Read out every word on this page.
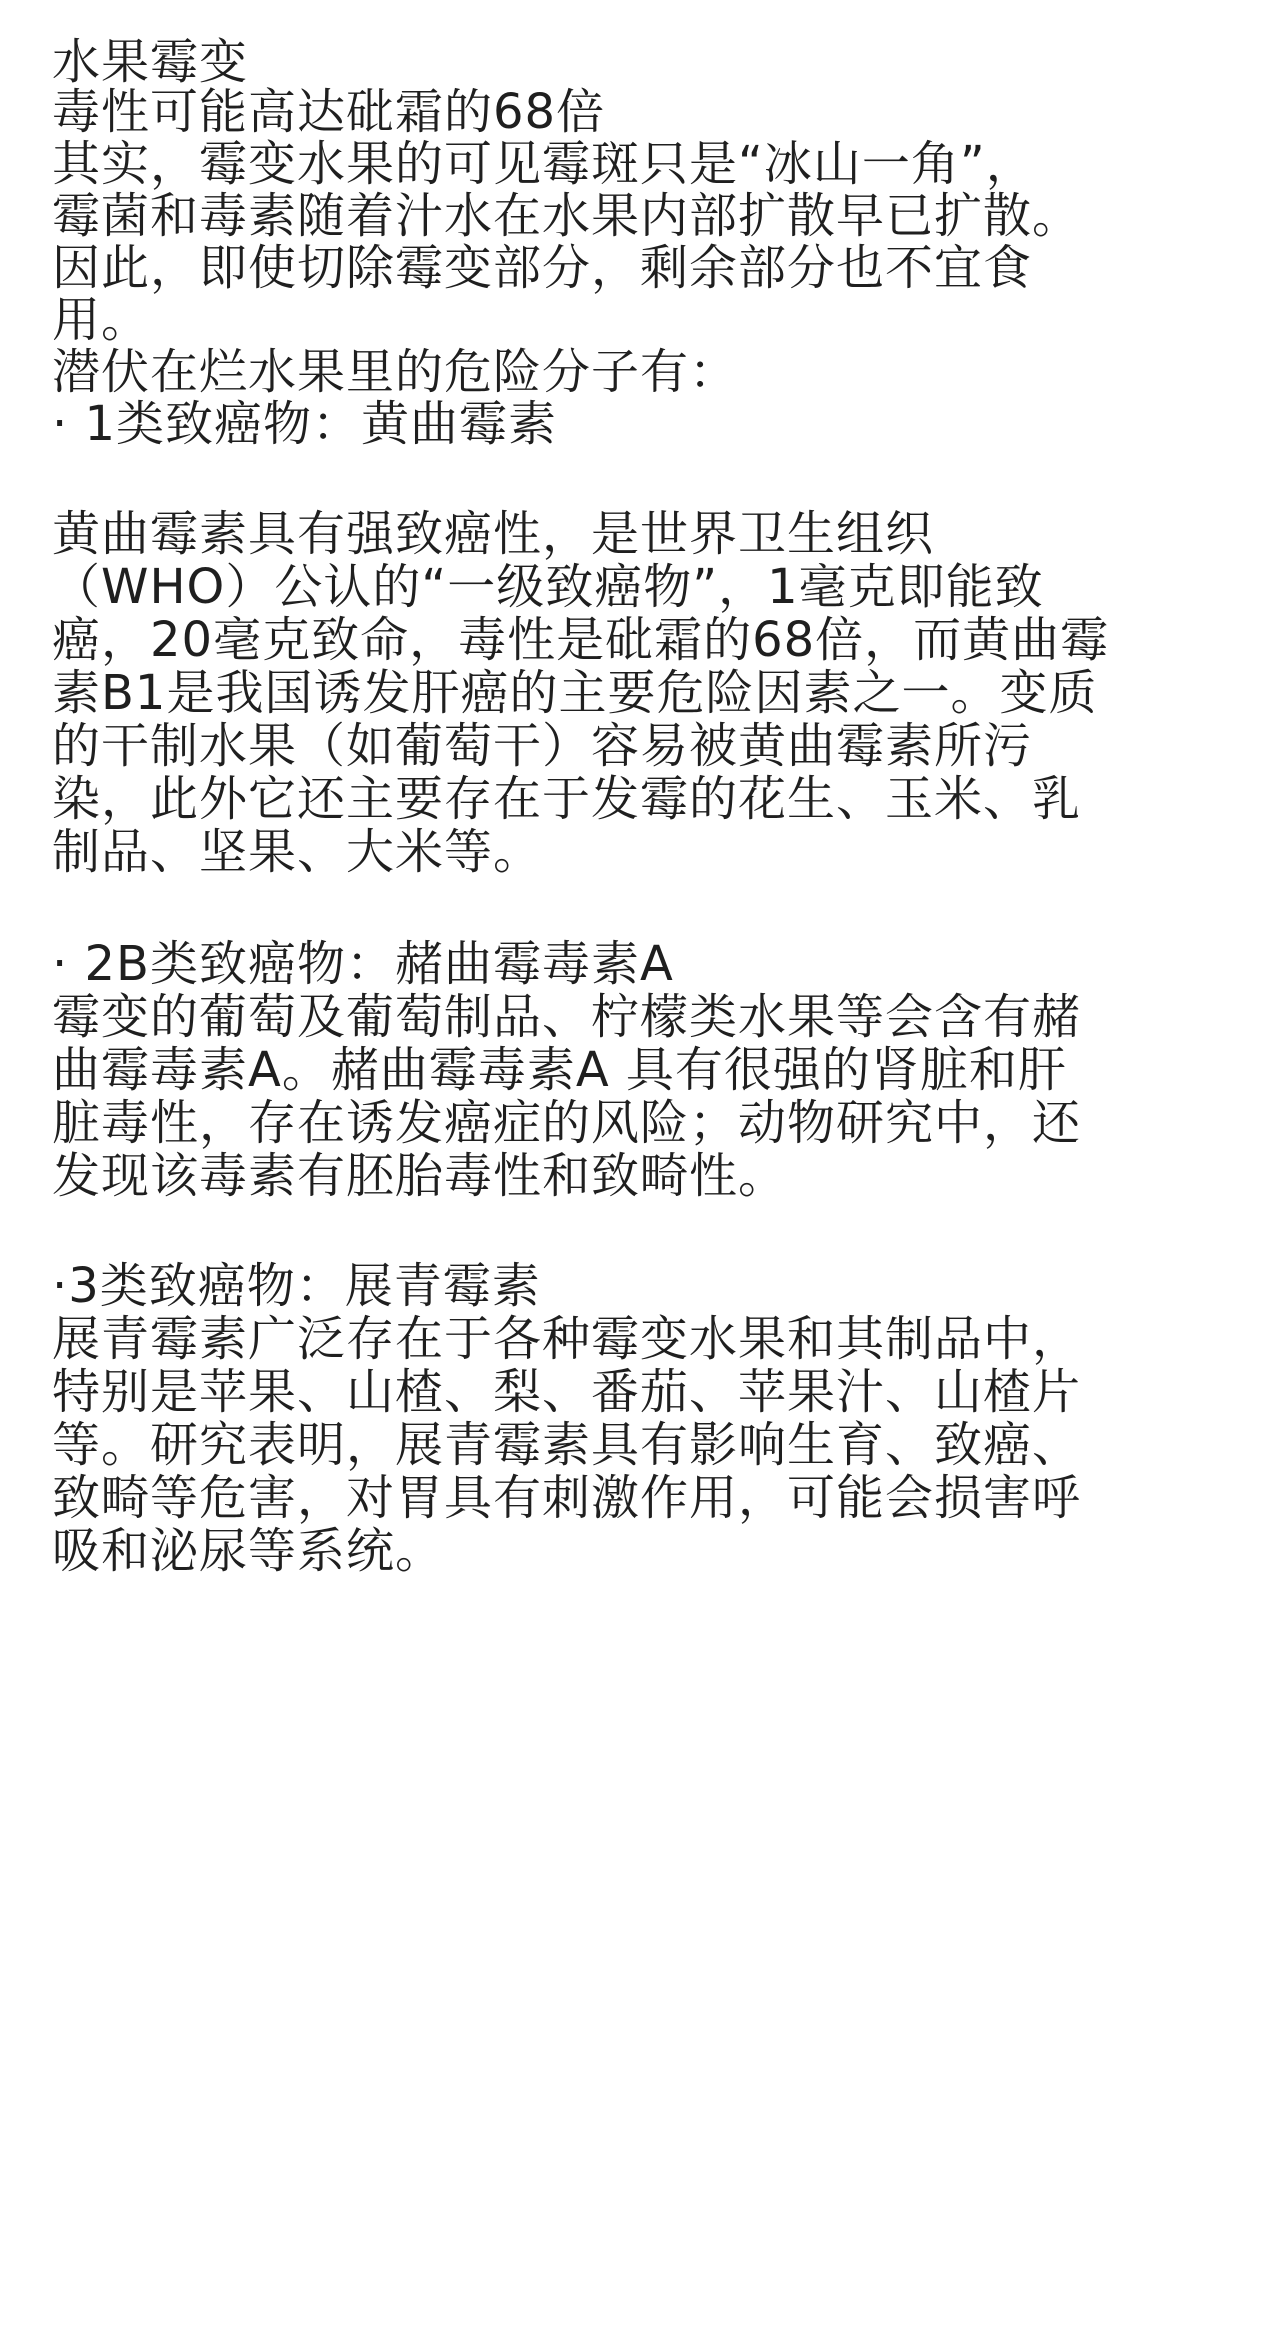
水果霉变
毒性可能高达砒霜的68倍
其实，霉变水果的可见霉斑只是“冰山一角”，
霉菌和毒素随着汁水在水果内部扩散早已扩散。
因此，即使切除霉变部分，剩余部分也不宜食
用。
潜伏在烂水果里的危险分子有：
· 1类致癌物：黄曲霉素
黄曲霉素具有强致癌性，是世界卫生组织
（WHO）公认的“一级致癌物”，1毫克即能致
癌，20毫克致命，毒性是砒霜的68倍，而黄曲霉
素B1是我国诱发肝癌的主要危险因素之一。变质
的干制水果（如葡萄干）容易被黄曲霉素所污
染，此外它还主要存在于发霉的花生、玉米、乳
制品、坚果、大米等。
· 2B类致癌物：赭曲霉毒素A
霉变的葡萄及葡萄制品、柠檬类水果等会含有赭
曲霉毒素A。赭曲霉毒素A 具有很强的肾脏和肝
脏毒性，存在诱发癌症的风险；动物研究中，还
发现该毒素有胚胎毒性和致畸性。
·3类致癌物：展青霉素
展青霉素广泛存在于各种霉变水果和其制品中，
特别是苹果、山楂、梨、番茄、苹果汁、山楂片
等。研究表明，展青霉素具有影响生育、致癌、
致畸等危害，对胃具有刺激作用，可能会损害呼
吸和泌尿等系统。
